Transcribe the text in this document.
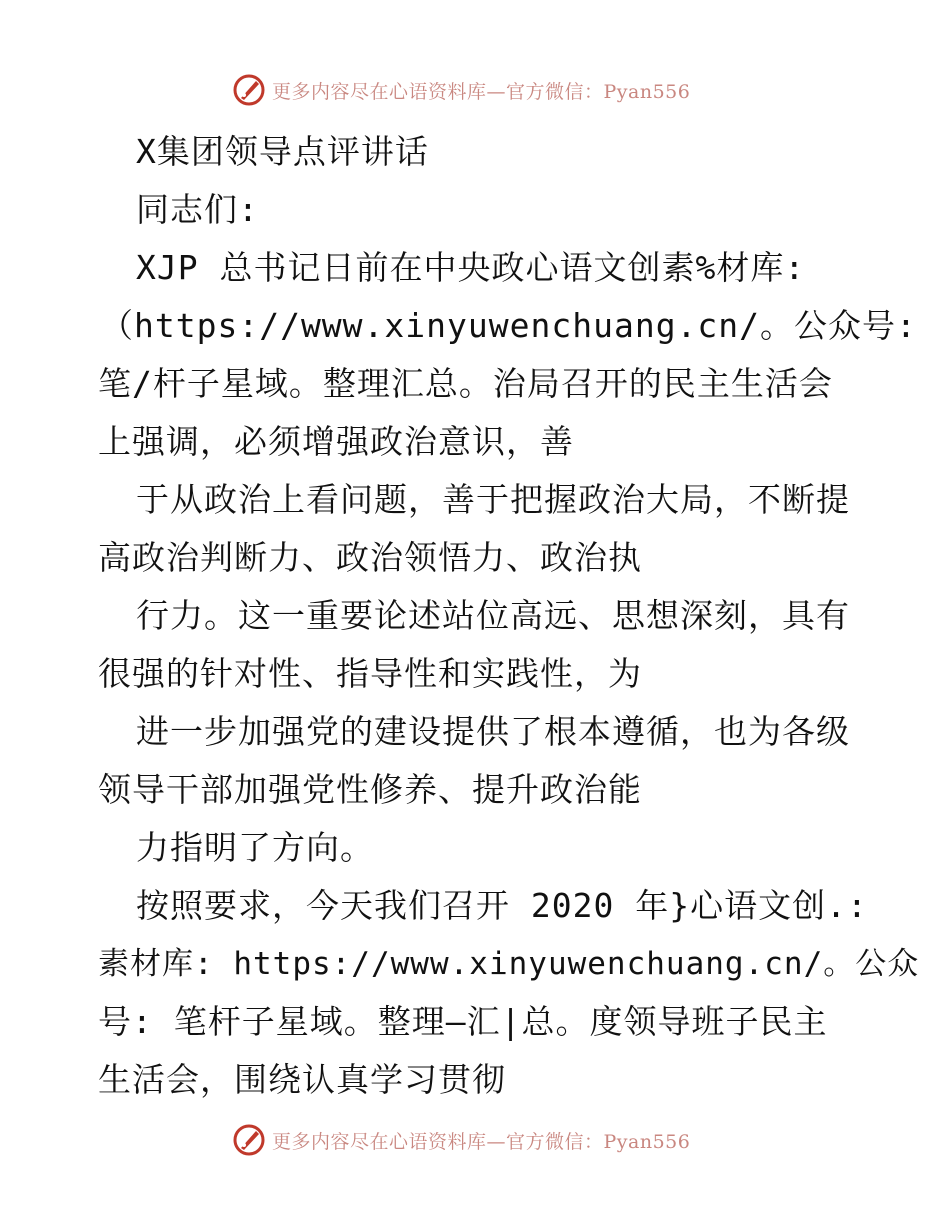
更多内容尽在心语资料库—官方微信：Pyan556
X集团领导点评讲话
同志们:
XJP 总书记日前在中央政心语文创素%材库:
（https://www.xinyuwenchuang.cn/。公众号:
笔/杆子星域。整理汇总。治局召开的民主生活会
上强调，必须增强政治意识，善
于从政治上看问题，善于把握政治大局，不断提
高政治判断力、政治领悟力、政治执
行力。这一重要论述站位高远、思想深刻，具有
很强的针对性、指导性和实践性，为
进一步加强党的建设提供了根本遵循，也为各级
领导干部加强党性修养、提升政治能
力指明了方向。
按照要求，今天我们召开 2020 年}心语文创.:
素材库: https://www.xinyuwenchuang.cn/。公众
号: 笔杆子星域。整理—汇|总。度领导班子民主
生活会，围绕认真学习贯彻
更多内容尽在心语资料库—官方微信：Pyan556
